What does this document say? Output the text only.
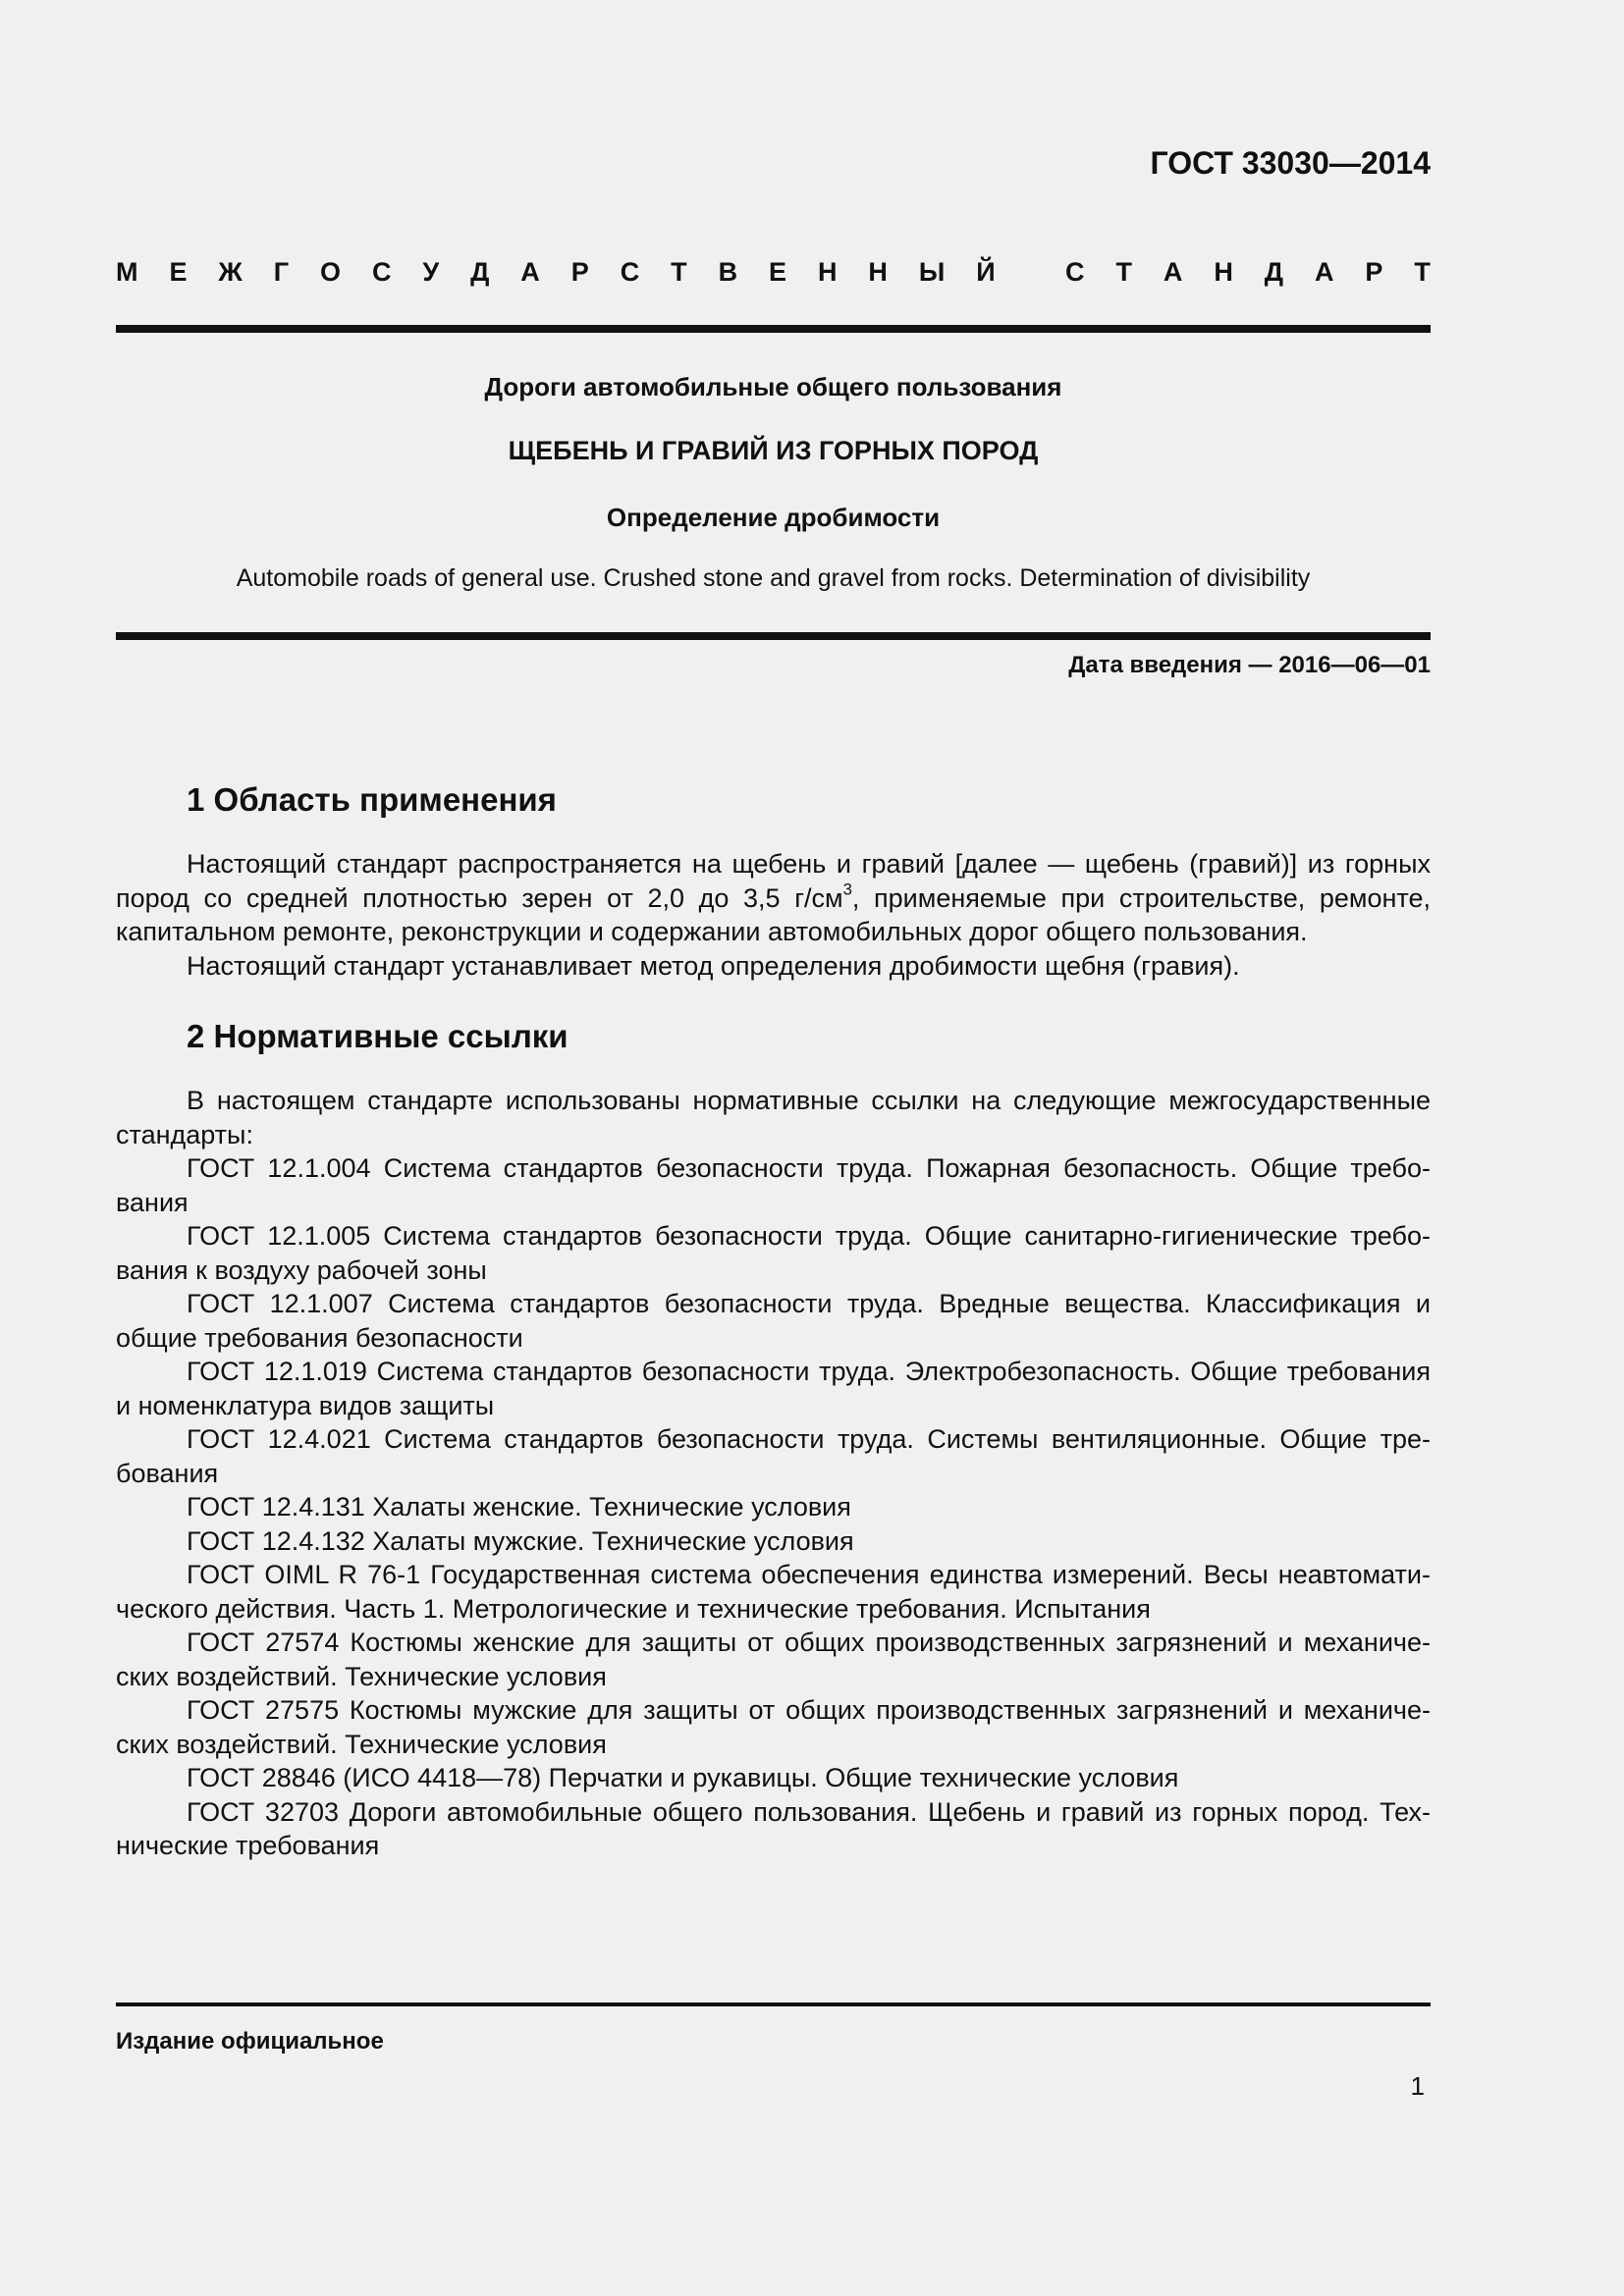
ГОСТ 33030—2014
М Е Ж Г О С У Д А Р С Т В Е Н Н Ы Й
	С Т А Н Д А Р Т
Дороги автомобильные общего пользования
ЩЕБЕНЬ И ГРАВИЙ ИЗ ГОРНЫХ ПОРОД
Определение дробимости
Automobile roads of general use. Crushed stone and gravel from rocks. Determination of divisibility
Дата введения — 2016—06—01
1 Область применения

Настоящий стандарт распространяется на щебень и гравий [далее — щебень (гравий)] из горных пород со средней плотностью зерен от 2,0 до 3,5 $г/см^3$, применяемые при строительстве, ремонте, капитальном ремонте, реконструкции и содержании автомобильных дорог общего пользования.

Настоящий стандарт устанавливает метод определения дробимости щебня (гравия).

2 Нормативные ссылки

В настоящем стандарте использованы нормативные ссылки на следующие межгосударственные стандарты:

ГОСТ 12.1.004 Система стандартов безопасности труда. Пожарная безопасность. Общие требования

ГОСТ 12.1.005 Система стандартов безопасности труда. Общие санитарно-гигиенические требования к воздуху рабочей зоны

ГОСТ 12.1.007 Система стандартов безопасности труда. Вредные вещества. Классификация и общие требования безопасности

ГОСТ 12.1.019 Система стандартов безопасности труда. Электробезопасность. Общие требования и номенклатура видов защиты

ГОСТ 12.4.021 Система стандартов безопасности труда. Системы вентиляционные. Общие требования

ГОСТ 12.4.131 Халаты женские. Технические условия

ГОСТ 12.4.132 Халаты мужские. Технические условия

ГОСТ OIML R 76-1 Государственная система обеспечения единства измерений. Весы неавтоматического действия. Часть 1. Метрологические и технические требования. Испытания

ГОСТ 27574 Костюмы женские для защиты от общих производственных загрязнений и механических воздействий. Технические условия

ГОСТ 27575 Костюмы мужские для защиты от общих производственных загрязнений и механических воздействий. Технические условия

ГОСТ 28846 (ИСО 4418—78) Перчатки и рукавицы. Общие технические условия

ГОСТ 32703 Дороги автомобильные общего пользования. Щебень и гравий из горных пород. Технические требования

Издание официальное
1
